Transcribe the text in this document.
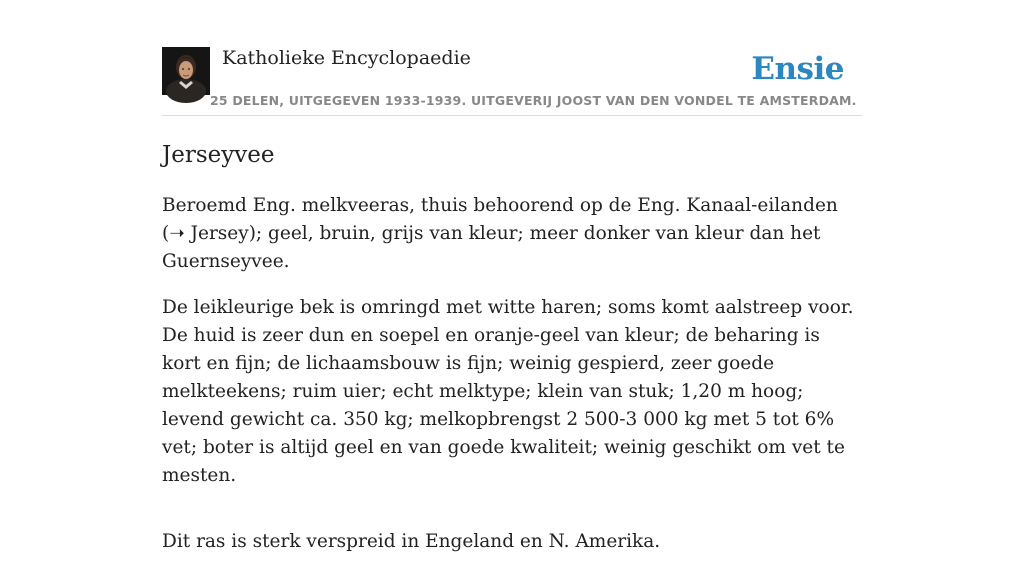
Katholieke Encyclopaedie
25 DELEN, UITGEGEVEN 1933-1939. UITGEVERIJ JOOST VAN DEN VONDEL TE AMSTERDAM.
Ensie
Jerseyvee

Beroemd Eng. melkveeras, thuis behoorend op de Eng. Kanaal-eilanden (➝ Jersey); geel, bruin, grijs van kleur; meer donker van kleur dan het Guernseyvee.

De leikleurige bek is omringd met witte haren; soms komt aalstreep voor. De huid is zeer dun en soepel en oranje-geel van kleur; de beharing is kort en fijn; de lichaamsbouw is fijn; weinig gespierd, zeer goede melkteekens; ruim uier; echt melktype; klein van stuk; 1,20 m hoog; levend gewicht ca. 350 kg; melkopbrengst 2 500-3 000 kg met 5 tot 6% vet; boter is altijd geel en van goede kwaliteit; weinig geschikt om vet te mesten.

Dit ras is sterk verspreid in Engeland en N. Amerika.
